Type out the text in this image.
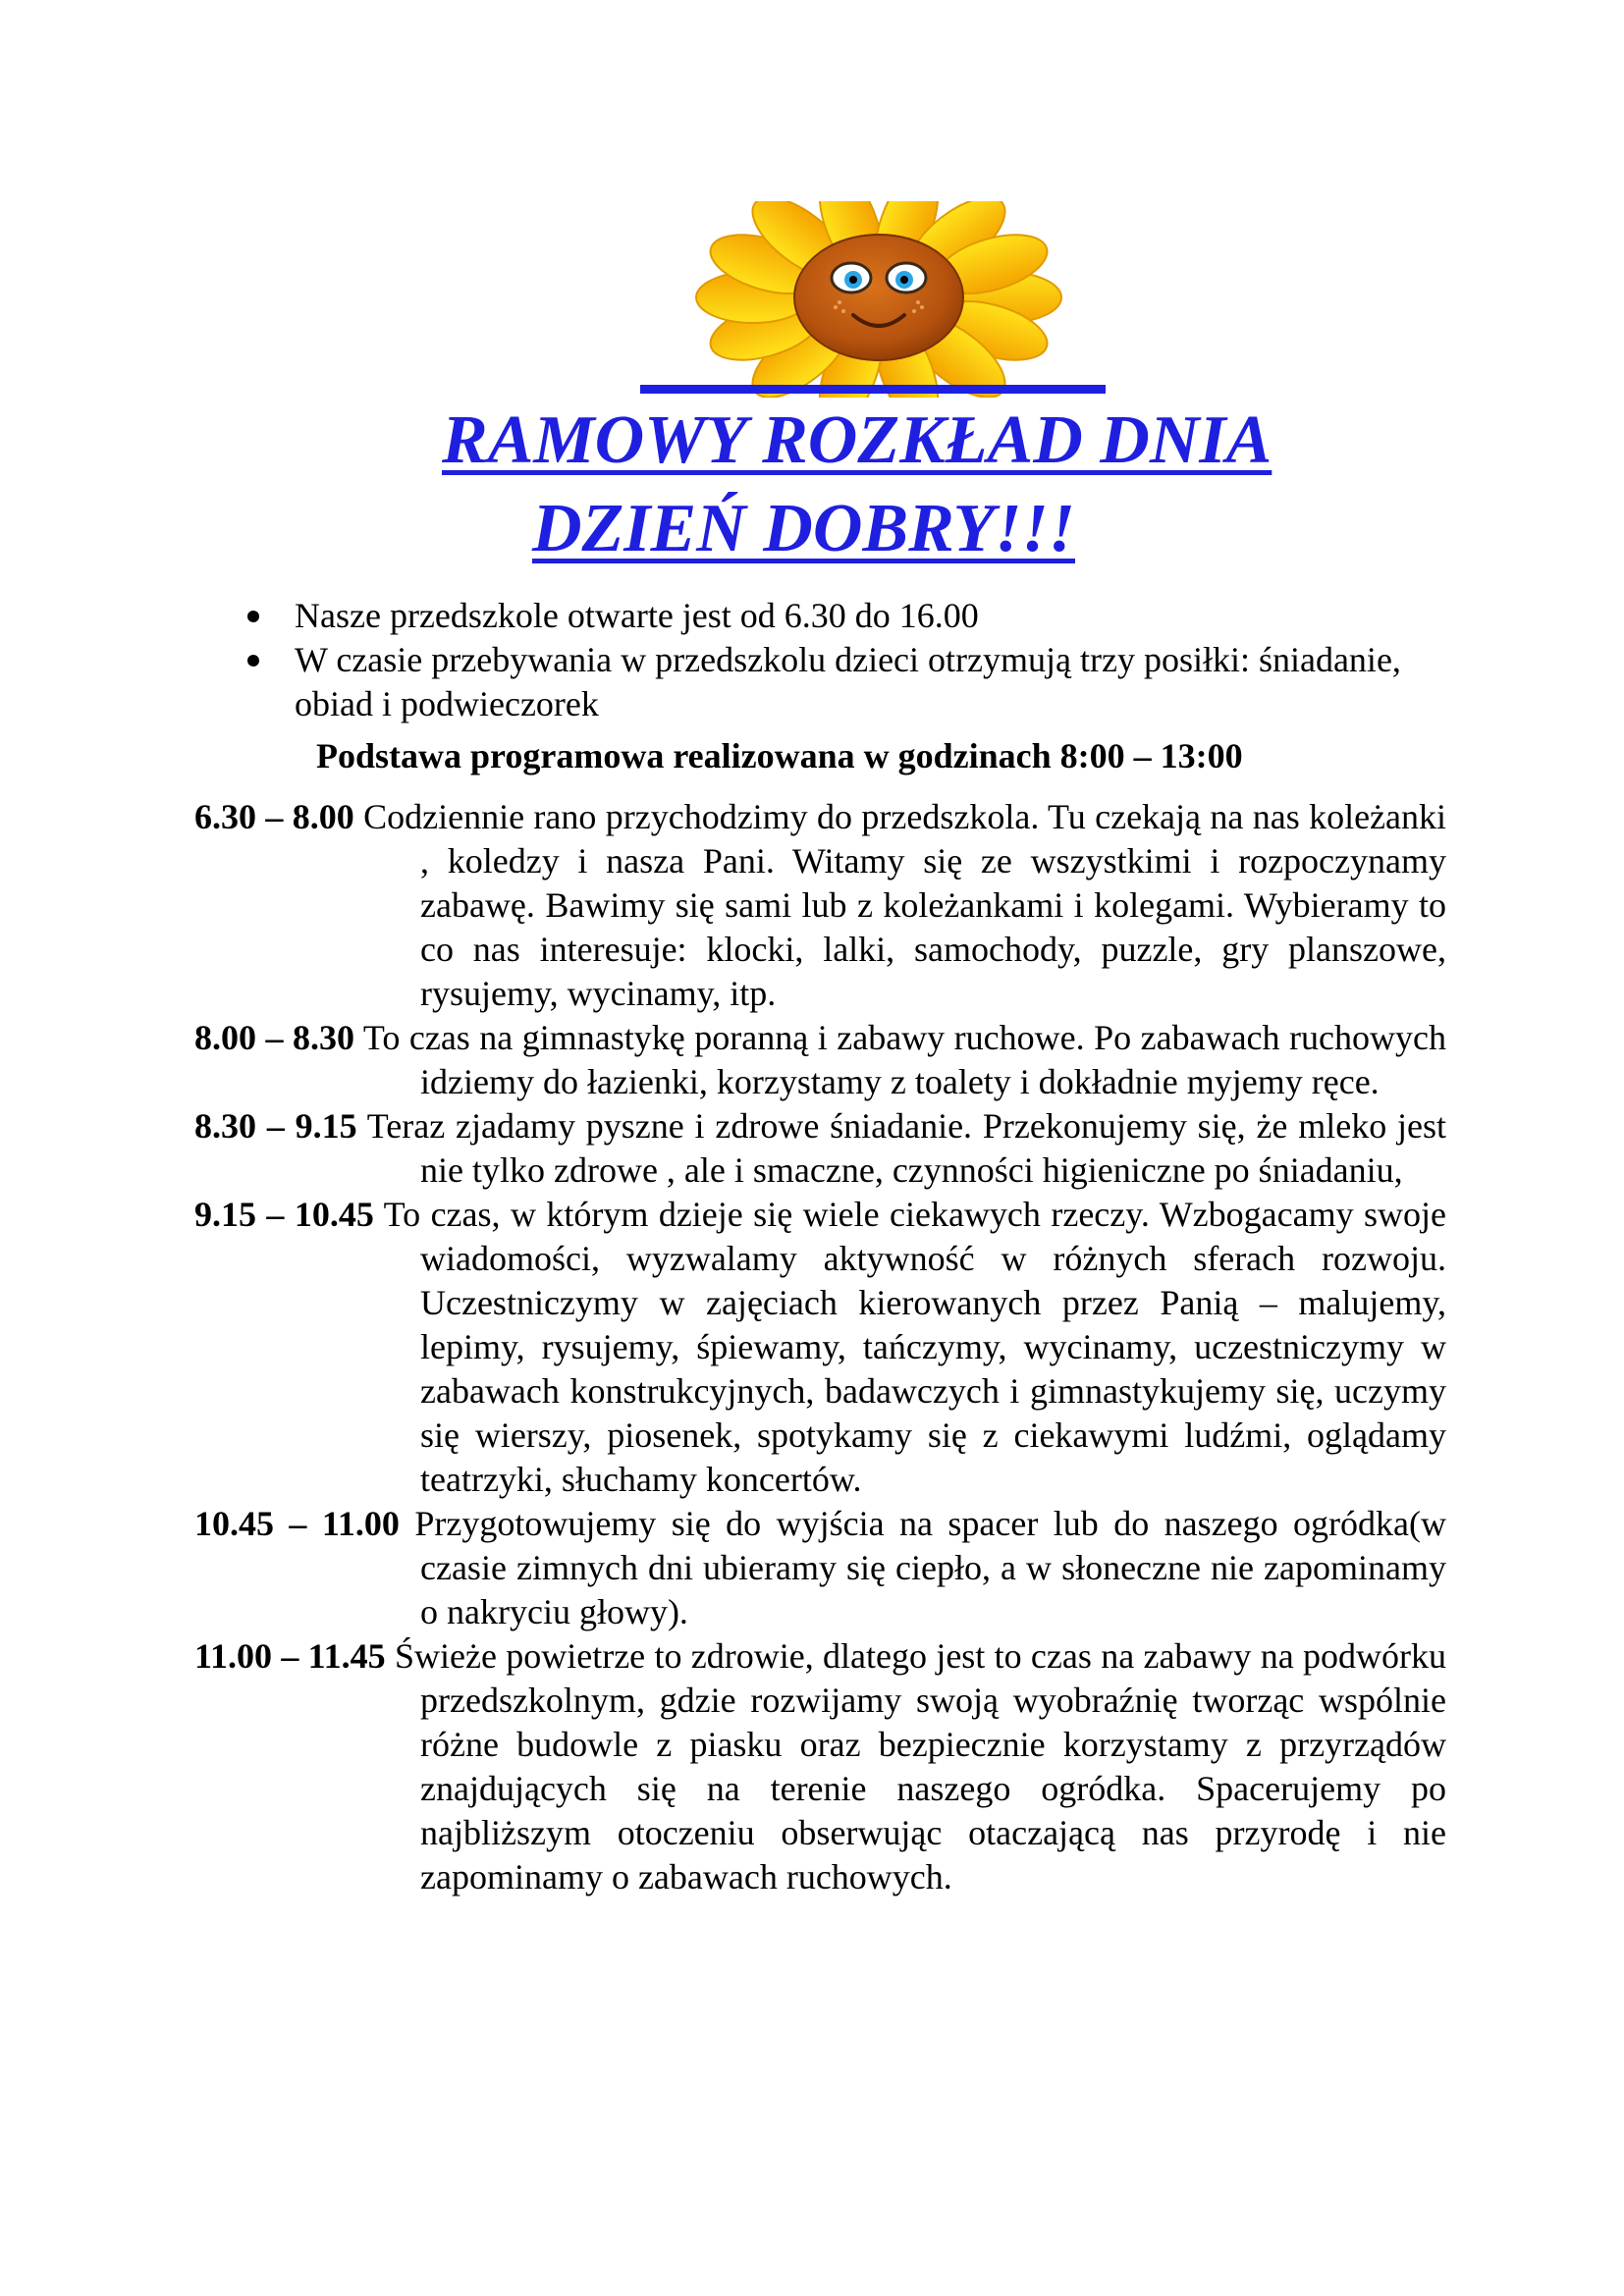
RAMOWY ROZKŁAD DNIA
DZIEŃ DOBRY!!!
Nasze przedszkole otwarte jest od 6.30 do 16.00
W czasie przebywania w przedszkolu dzieci otrzymują trzy posiłki: śniadanie, obiad i podwieczorek

Podstawa programowa realizowana w godzinach 8:00 – 13:00

6.30 – 8.00 Codziennie rano przychodzimy do przedszkola. Tu czekają na nas koleżanki , koledzy i nasza Pani. Witamy się ze wszystkimi i rozpoczynamy zabawę. Bawimy się sami lub z koleżankami i kolegami. Wybieramy to co nas interesuje: klocki, lalki, samochody, puzzle, gry planszowe, rysujemy, wycinamy, itp.
8.00 – 8.30 To czas na gimnastykę poranną i zabawy ruchowe. Po zabawach ruchowych idziemy do łazienki, korzystamy z toalety i dokładnie myjemy ręce.
8.30 – 9.15 Teraz zjadamy pyszne i zdrowe śniadanie. Przekonujemy się, że mleko jest nie tylko zdrowe , ale i smaczne, czynności higieniczne po śniadaniu,
9.15 – 10.45 To czas, w którym dzieje się wiele ciekawych rzeczy. Wzbogacamy swoje wiadomości, wyzwalamy aktywność w różnych sferach rozwoju. Uczestniczymy w zajęciach kierowanych przez Panią – malujemy, lepimy, rysujemy, śpiewamy, tańczymy, wycinamy, uczestniczymy w zabawach konstrukcyjnych, badawczych i gimnastykujemy się, uczymy się wierszy, piosenek, spotykamy się z ciekawymi ludźmi, oglądamy teatrzyki, słuchamy koncertów.
10.45 – 11.00 Przygotowujemy się do wyjścia na spacer lub do naszego ogródka(w czasie zimnych dni ubieramy się ciepło, a w słoneczne nie zapominamy o nakryciu głowy).
11.00 – 11.45 Świeże powietrze to zdrowie, dlatego jest to czas na zabawy na podwórku przedszkolnym, gdzie rozwijamy swoją wyobraźnię tworząc wspólnie różne budowle z piasku oraz bezpiecznie korzystamy z przyrządów znajdujących się na terenie naszego ogródka. Spacerujemy po najbliższym otoczeniu obserwując otaczającą nas przyrodę i nie zapominamy o zabawach ruchowych.
